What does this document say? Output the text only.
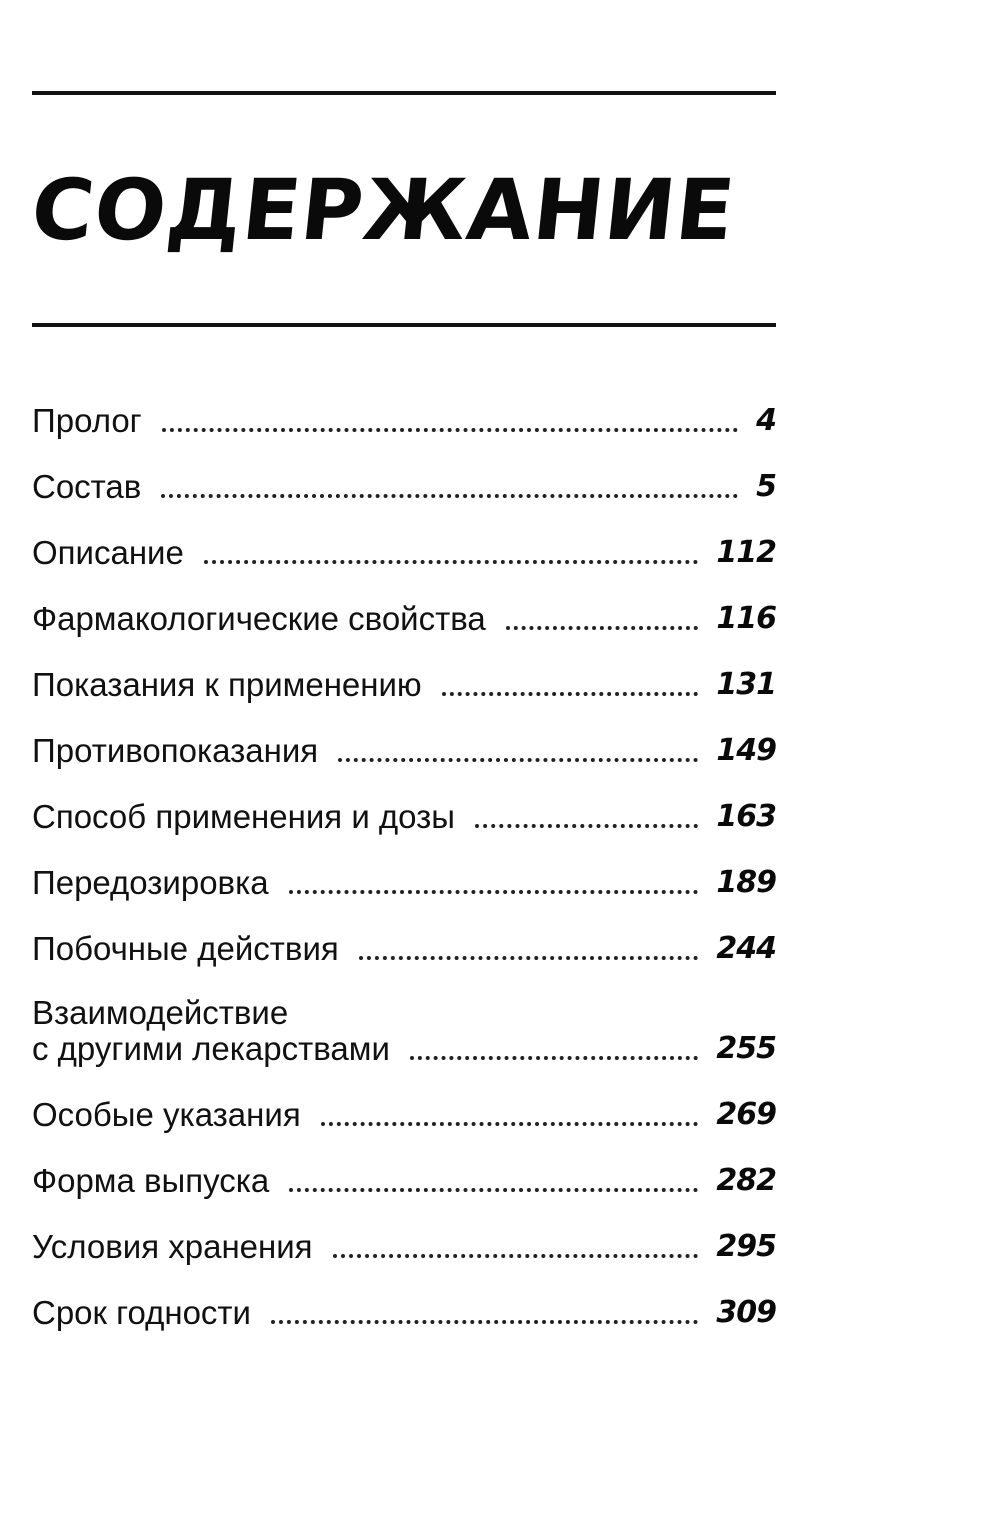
СОДЕРЖАНИЕ
Пролог	4
Состав	5
Описание	112
Фармакологические свойства	116
Показания к применению	131
Противопоказания	149
Способ применения и дозы	163
Передозировка	189
Побочные действия	244
Взаимодействие
с другими лекарствами	255
Особые указания	269
Форма выпуска	282
Условия хранения	295
Срок годности	309
